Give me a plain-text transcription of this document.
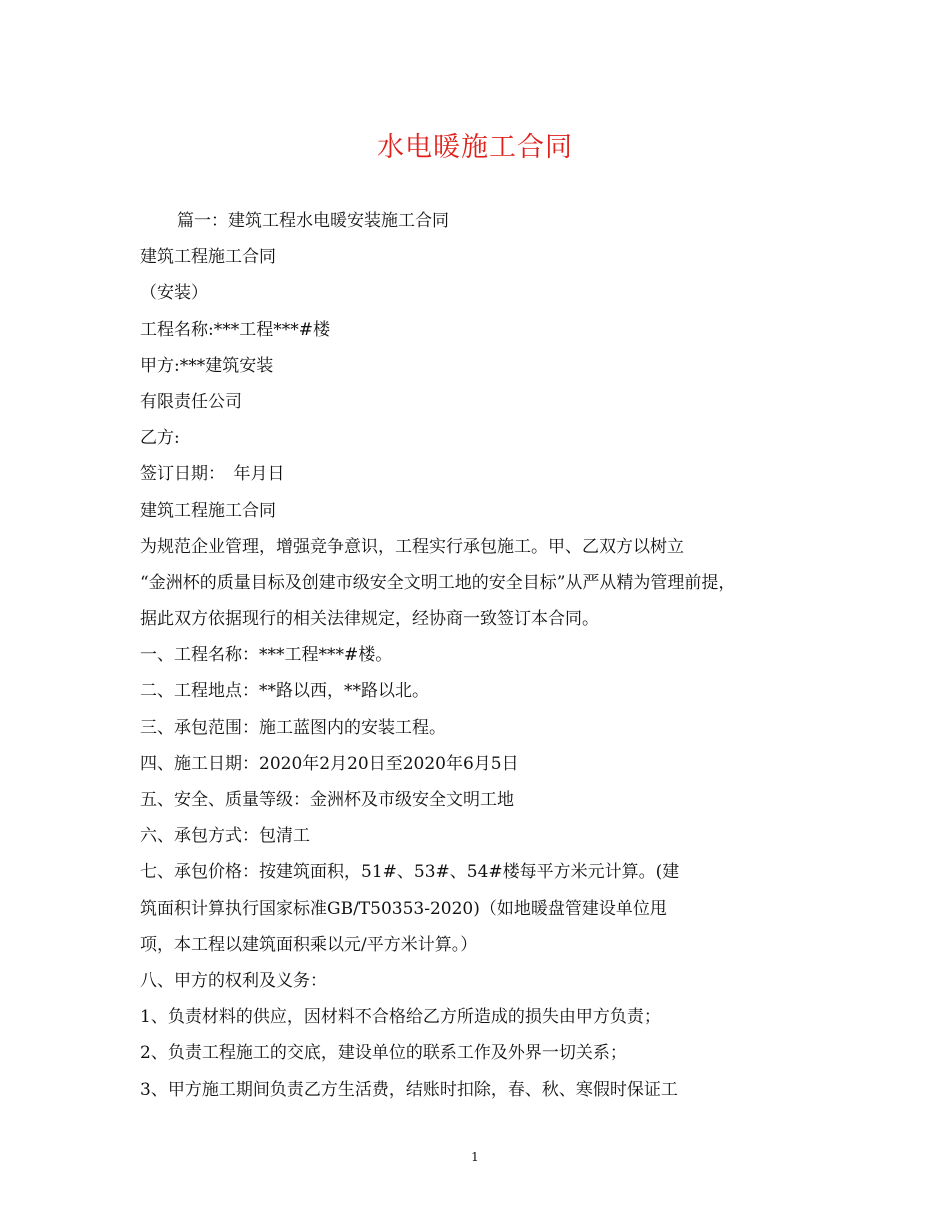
水电暖施工合同
篇一：建筑工程水电暖安装施工合同
建筑工程施工合同
（安装）
工程名称:***工程***#楼
甲方:***建筑安装
有限责任公司
乙方:
签订日期：　年月日
建筑工程施工合同
为规范企业管理，增强竞争意识，工程实行承包施工。甲、乙双方以树立
“金洲杯的质量目标及创建市级安全文明工地的安全目标”从严从精为管理前提，
据此双方依据现行的相关法律规定，经协商一致签订本合同。
一、工程名称：***工程***#楼。
二、工程地点：**路以西，**路以北。
三、承包范围：施工蓝图内的安装工程。
四、施工日期：2020年2月20日至2020年6月5日
五、安全、质量等级：金洲杯及市级安全文明工地
六、承包方式：包清工
七、承包价格：按建筑面积，51#、53#、54#楼每平方米元计算。(建
筑面积计算执行国家标准GB/T50353-2020)（如地暖盘管建设单位甩
项，本工程以建筑面积乘以元/平方米计算。）
八、甲方的权利及义务：
1、负责材料的供应，因材料不合格给乙方所造成的损失由甲方负责；
2、负责工程施工的交底，建设单位的联系工作及外界一切关系；
3、甲方施工期间负责乙方生活费，结账时扣除，春、秋、寒假时保证工
1
